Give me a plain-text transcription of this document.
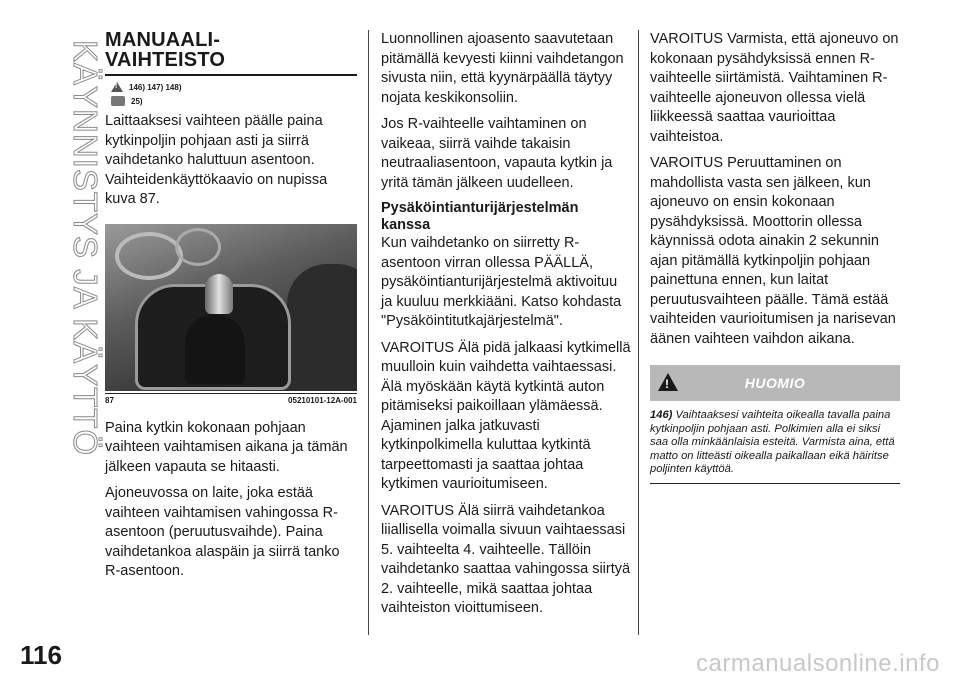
KÄYNNISTYS JA KÄYTTÖ MANUAALI-
VAIHTEISTO
!
146) 147) 148)
25)

Laittaaksesi vaihteen päälle paina kytkinpoljin pohjaan asti ja siirrä vaihdetanko haluttuun asentoon. Vaihteidenkäyttökaavio on nupissa kuva 87.

87	05210101-12A-001

Paina kytkin kokonaan pohjaan vaihteen vaihtamisen aikana ja tämän jälkeen vapauta se hitaasti.

Ajoneuvossa on laite, joka estää vaihteen vaihtamisen vahingossa R-asentoon (peruutusvaihde). Paina vaihdetankoa alaspäin ja siirrä tanko R-asentoon.

Luonnollinen ajoasento saavutetaan pitämällä kevyesti kiinni vaihdetangon sivusta niin, että kyynärpäällä täytyy nojata keskikonsoliin.

Jos R-vaihteelle vaihtaminen on vaikeaa, siirrä vaihde takaisin neutraaliasentoon, vapauta kytkin ja yritä tämän jälkeen uudelleen.

Pysäköintianturijärjestelmän kanssa

Kun vaihdetanko on siirretty R-asentoon virran ollessa PÄÄLLÄ, pysäköintianturijärjestelmä aktivoituu ja kuuluu merkkiääni. Katso kohdasta "Pysäköintitutkajärjestelmä".

VAROITUS Älä pidä jalkaasi kytkimellä muulloin kuin vaihdetta vaihtaessasi. Älä myöskään käytä kytkintä auton pitämiseksi paikoillaan ylämäessä. Ajaminen jalka jatkuvasti kytkinpolkimella kuluttaa kytkintä tarpeettomasti ja saattaa johtaa kytkimen vaurioitumiseen.

VAROITUS Älä siirrä vaihdetankoa liiallisella voimalla sivuun vaihtaessasi 5. vaihteelta 4. vaihteelle. Tällöin vaihdetanko saattaa vahingossa siirtyä 2. vaihteelle, mikä saattaa johtaa vaihteiston vioittumiseen.

VAROITUS Varmista, että ajoneuvo on kokonaan pysähdyksissä ennen R-vaihteelle siirtämistä. Vaihtaminen R-vaihteelle ajoneuvon ollessa vielä liikkeessä saattaa vaurioittaa vaihteistoa.

VAROITUS Peruuttaminen on mahdollista vasta sen jälkeen, kun ajoneuvo on ensin kokonaan pysähdyksissä. Moottorin ollessa käynnissä odota ainakin 2 sekunnin ajan pitämällä kytkinpoljin pohjaan painettuna ennen, kun laitat peruutusvaihteen päälle. Tämä estää vaihteiden vaurioitumisen ja narisevan äänen vaihteen vaihdon aikana.

!
HUOMIO
146) Vaihtaaksesi vaihteita oikealla tavalla paina kytkinpoljin pohjaan asti. Polkimien alla ei siksi saa olla minkäänlaisia esteitä. Varmista aina, että matto on litteästi oikealla paikallaan eikä häiritse poljinten käyttöä.
116	carmanualsonline.info
